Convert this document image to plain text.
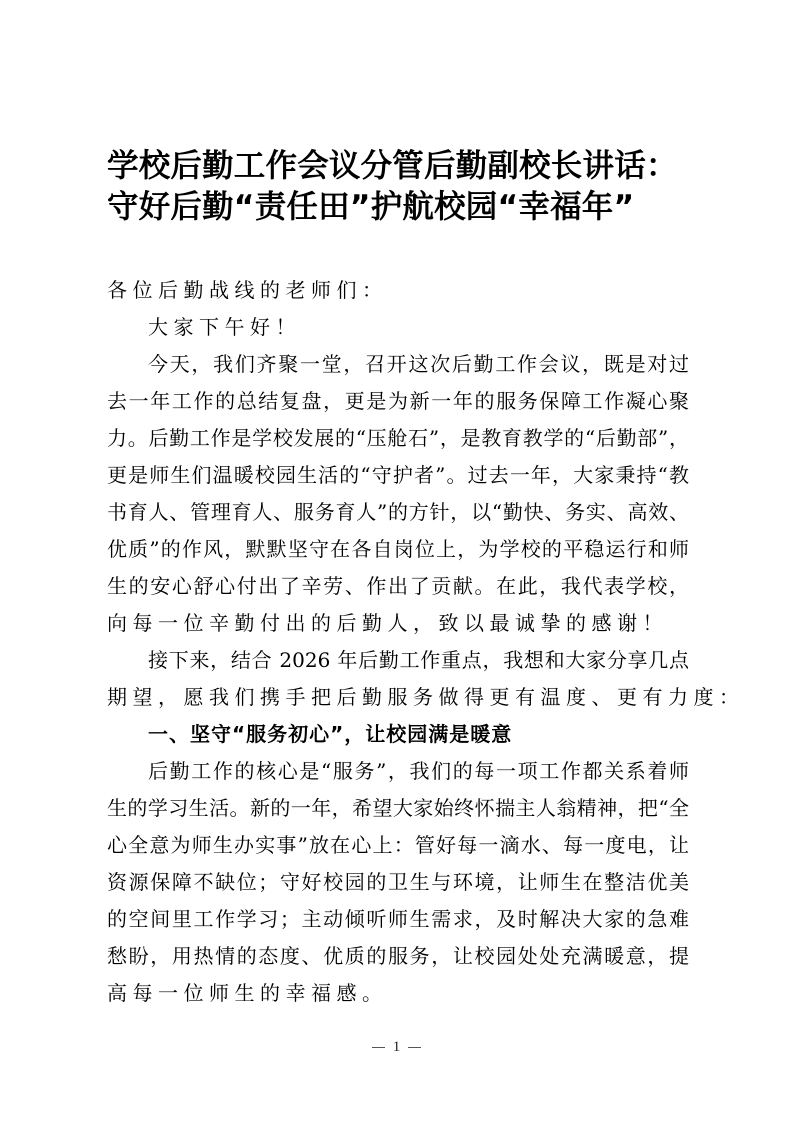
学校后勤工作会议分管后勤副校长讲话：
守好后勤“责任田”护航校园“幸福年”
各位后勤战线的老师们：
大家下午好！
今天，我们齐聚一堂，召开这次后勤工作会议，既是对过
去一年工作的总结复盘，更是为新一年的服务保障工作凝心聚
力。后勤工作是学校发展的“压舱石”，是教育教学的“后勤部”，
更是师生们温暖校园生活的“守护者”。过去一年，大家秉持“教
书育人、管理育人、服务育人”的方针，以“勤快、务实、高效、
优质”的作风，默默坚守在各自岗位上，为学校的平稳运行和师
生的安心舒心付出了辛劳、作出了贡献。在此，我代表学校，
向每一位辛勤付出的后勤人，致以最诚挚的感谢！
接下来，结合 2026 年后勤工作重点，我想和大家分享几点
期望，愿我们携手把后勤服务做得更有温度、更有力度：
一、坚守“服务初心”，让校园满是暖意
后勤工作的核心是“服务”，我们的每一项工作都关系着师
生的学习生活。新的一年，希望大家始终怀揣主人翁精神，把“全
心全意为师生办实事”放在心上：管好每一滴水、每一度电，让
资源保障不缺位；守好校园的卫生与环境，让师生在整洁优美
的空间里工作学习；主动倾听师生需求，及时解决大家的急难
愁盼，用热情的态度、优质的服务，让校园处处充满暖意，提
高每一位师生的幸福感。
1
